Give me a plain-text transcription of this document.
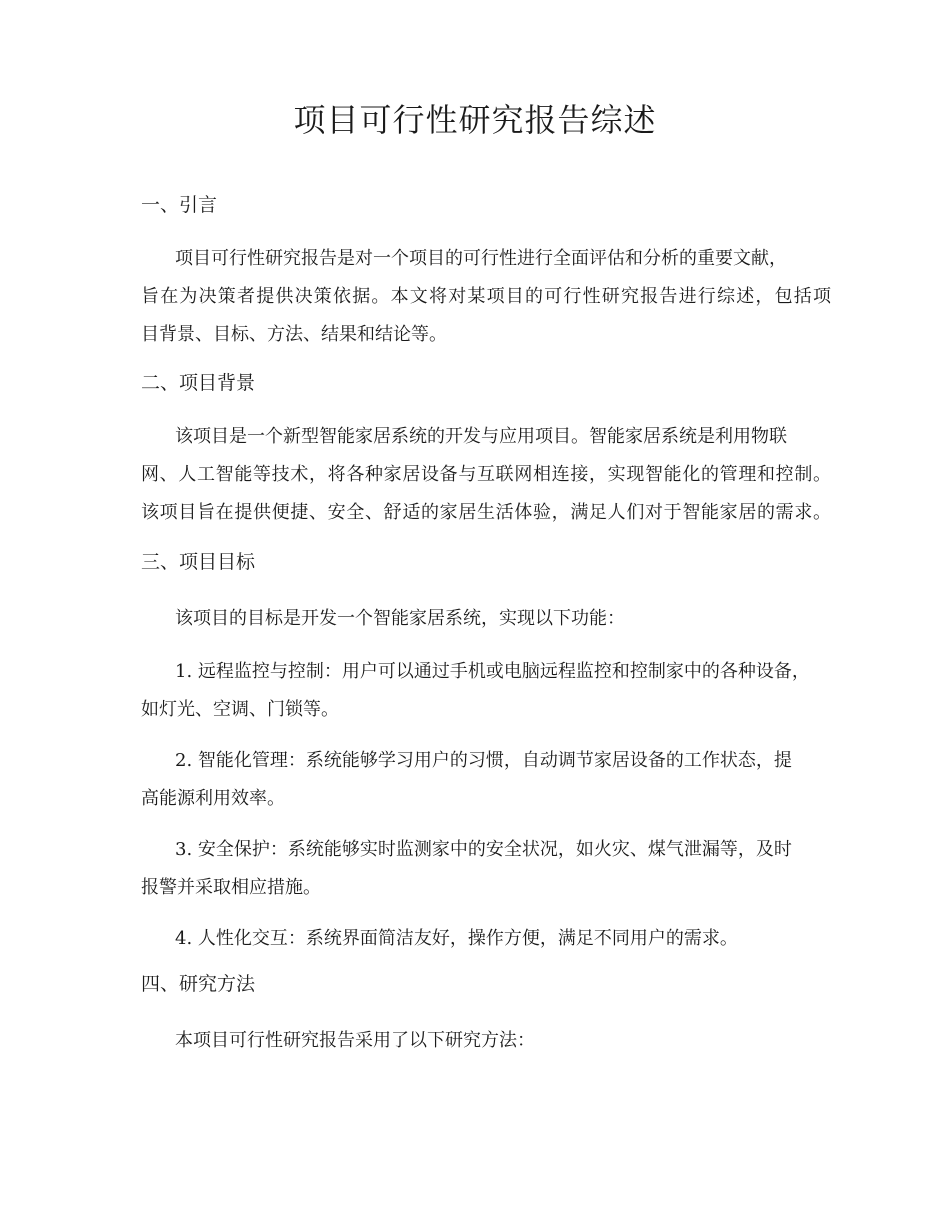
项目可行性研究报告综述
一、引言

项目可行性研究报告是对一个项目的可行性进行全面评估和分析的重要文献，
旨在为决策者提供决策依据。本文将对某项目的可行性研究报告进行综述，包括项
目背景、目标、方法、结果和结论等。

二、项目背景

该项目是一个新型智能家居系统的开发与应用项目。智能家居系统是利用物联
网、人工智能等技术，将各种家居设备与互联网相连接，实现智能化的管理和控制。
该项目旨在提供便捷、安全、舒适的家居生活体验，满足人们对于智能家居的需求。

三、项目目标

该项目的目标是开发一个智能家居系统，实现以下功能：

1. 远程监控与控制：用户可以通过手机或电脑远程监控和控制家中的各种设备，
如灯光、空调、门锁等。

2. 智能化管理：系统能够学习用户的习惯，自动调节家居设备的工作状态，提
高能源利用效率。

3. 安全保护：系统能够实时监测家中的安全状况，如火灾、煤气泄漏等，及时
报警并采取相应措施。

4. 人性化交互：系统界面简洁友好，操作方便，满足不同用户的需求。

四、研究方法

本项目可行性研究报告采用了以下研究方法：
